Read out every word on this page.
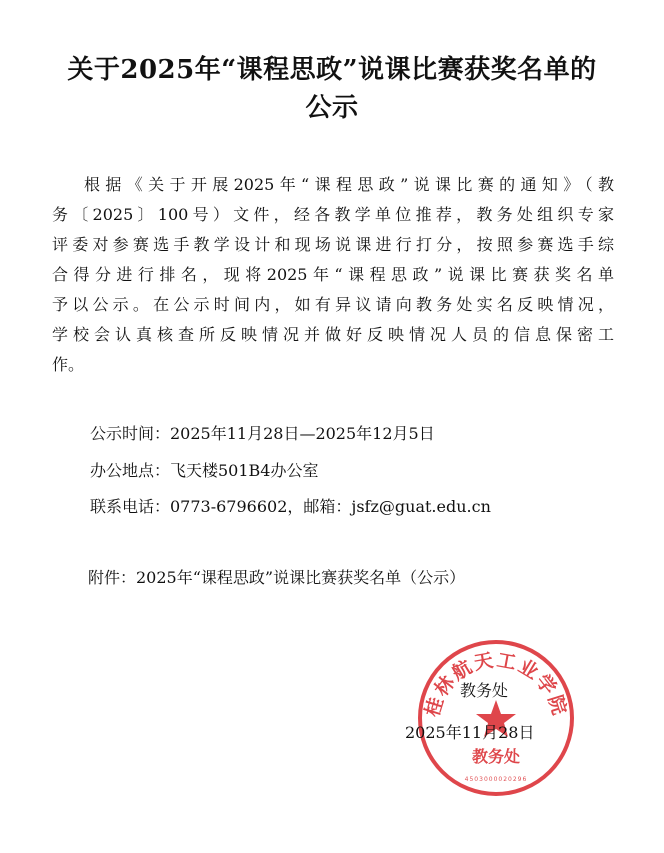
关于2025年“课程思政”说课比赛获奖名单的
公示
根据《关于开展2025年“课程思政”说课比赛的通知》（教
务〔2025〕100号）文件，经各教学单位推荐，教务处组织专家
评委对参赛选手教学设计和现场说课进行打分，按照参赛选手综
合得分进行排名，现将2025年“课程思政”说课比赛获奖名单
予以公示。在公示时间内，如有异议请向教务处实名反映情况，
学校会认真核查所反映情况并做好反映情况人员的信息保密工
作。
公示时间：2025年11月28日—2025年12月5日
办公地点：飞天楼501B4办公室
联系电话：0773-6796602，邮箱：jsfz@guat.edu.cn
附件：2025年“课程思政”说课比赛获奖名单（公示）
桂林航天工业学院
教务处
4503000020296
教务处
2025年11月28日
